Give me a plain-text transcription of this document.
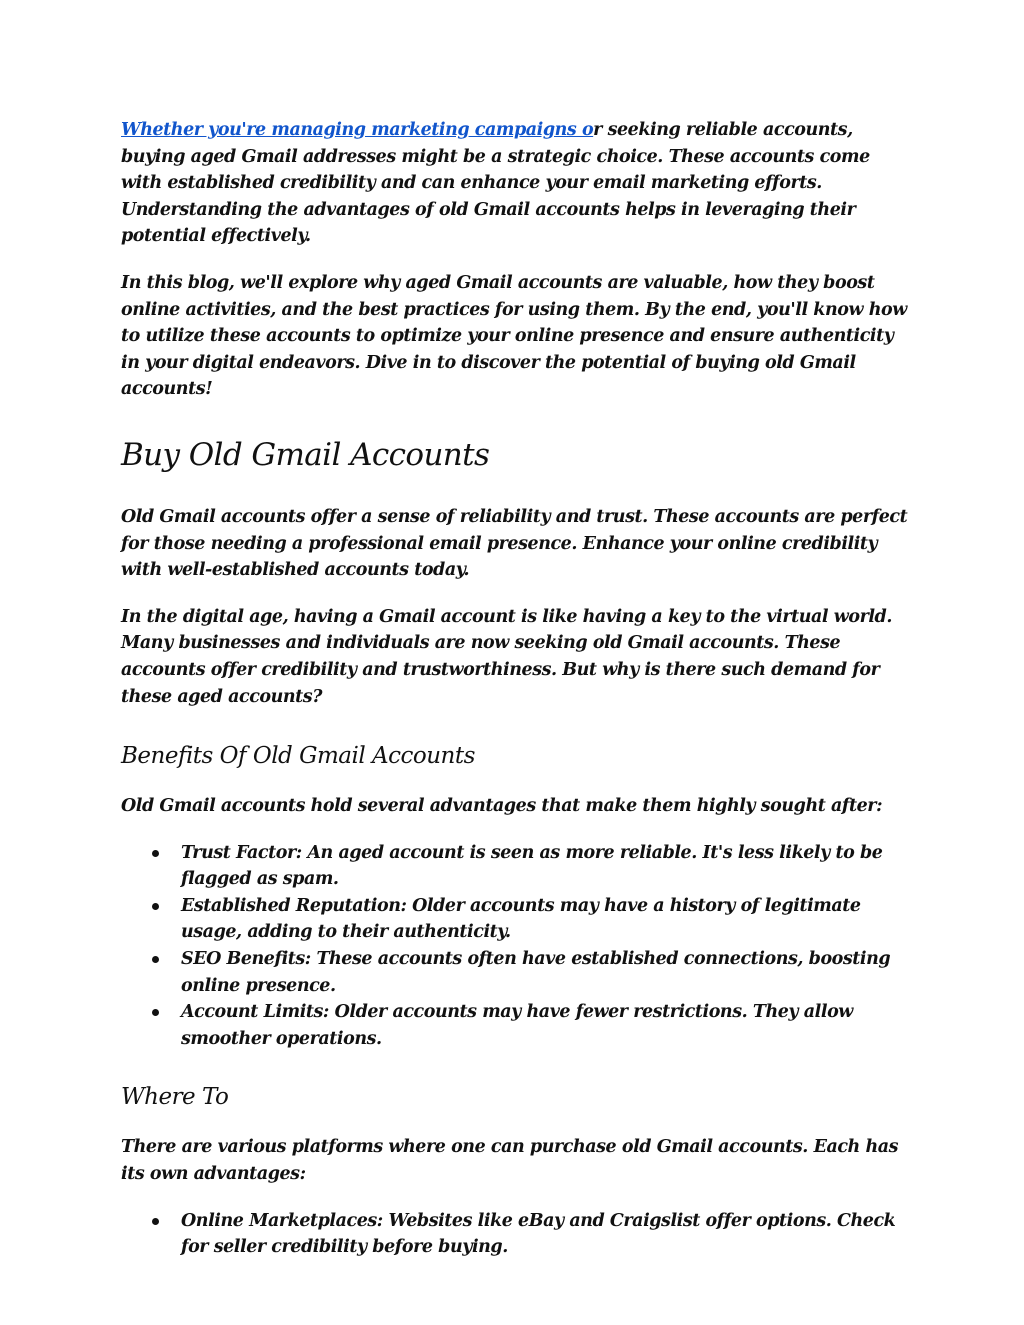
Whether you're managing marketing campaigns or seeking reliable accounts, buying aged Gmail addresses might be a strategic choice. These accounts come with established credibility and can enhance your email marketing efforts. Understanding the advantages of old Gmail accounts helps in leveraging their potential effectively.

In this blog, we'll explore why aged Gmail accounts are valuable, how they boost online activities, and the best practices for using them. By the end, you'll know how to utilize these accounts to optimize your online presence and ensure authenticity in your digital endeavors. Dive in to discover the potential of buying old Gmail accounts!

Buy Old Gmail Accounts

Old Gmail accounts offer a sense of reliability and trust. These accounts are perfect for those needing a professional email presence. Enhance your online credibility with well-established accounts today.

In the digital age, having a Gmail account is like having a key to the virtual world. Many businesses and individuals are now seeking old Gmail accounts. These accounts offer credibility and trustworthiness. But why is there such demand for these aged accounts?

Benefits Of Old Gmail Accounts

Old Gmail accounts hold several advantages that make them highly sought after:

Trust Factor: An aged account is seen as more reliable. It's less likely to be flagged as spam.
Established Reputation: Older accounts may have a history of legitimate usage, adding to their authenticity.
SEO Benefits: These accounts often have established connections, boosting online presence.
Account Limits: Older accounts may have fewer restrictions. They allow smoother operations.
Where To

There are various platforms where one can purchase old Gmail accounts. Each has its own advantages:

Online Marketplaces: Websites like eBay and Craigslist offer options. Check for seller credibility before buying.
